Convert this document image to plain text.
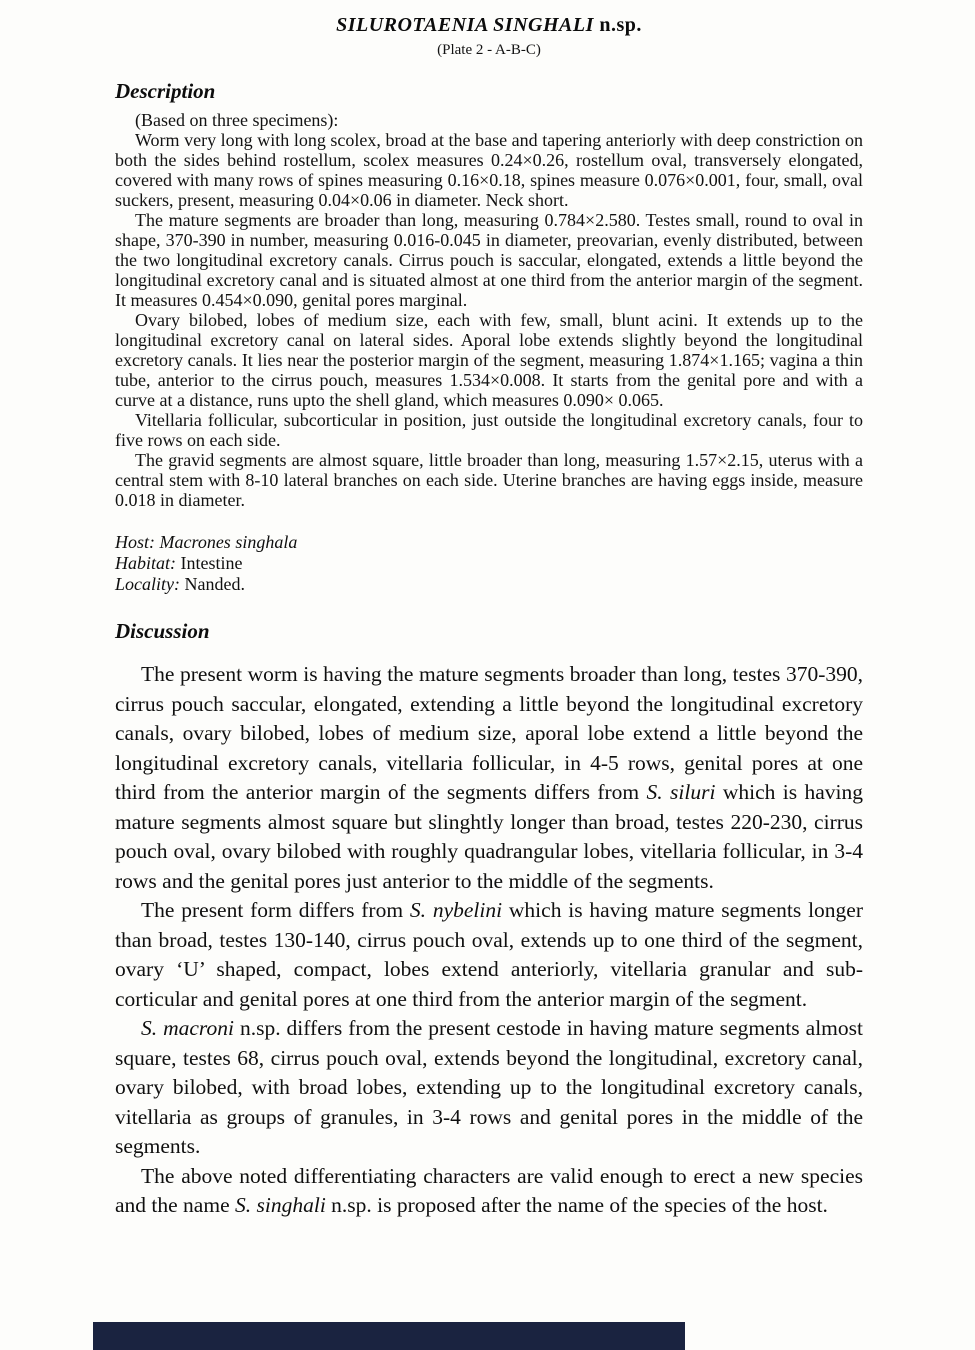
SILUROTAENIA SINGHALI n.sp.
(Plate 2 - A-B-C)
Description

(Based on three specimens):

Worm very long with long scolex, broad at the base and tapering anteriorly with deep constriction on both the sides behind rostellum, scolex measures 0.24×0.26, rostellum oval, transversely elongated, covered with many rows of spines measuring 0.16×0.18, spines measure 0.076×0.001, four, small, oval suckers, present, measuring 0.04×0.06 in diameter. Neck short.

The mature segments are broader than long, measuring 0.784×2.580. Testes small, round to oval in shape, 370-390 in number, measuring 0.016-0.045 in diameter, preovarian, evenly distributed, between the two longitudinal excretory canals. Cirrus pouch is saccular, elongated, extends a little beyond the longitudinal excretory canal and is situated almost at one third from the anterior margin of the segment. It measures 0.454×0.090, genital pores marginal.

Ovary bilobed, lobes of medium size, each with few, small, blunt acini. It extends up to the longitudinal excretory canal on lateral sides. Aporal lobe extends slightly beyond the longitudinal excretory canals. It lies near the posterior margin of the segment, measuring 1.874×1.165; vagina a thin tube, anterior to the cirrus pouch, measures 1.534×0.008. It starts from the genital pore and with a curve at a distance, runs upto the shell gland, which measures 0.090× 0.065.

Vitellaria follicular, subcorticular in position, just outside the longitudinal excretory canals, four to five rows on each side.

The gravid segments are almost square, little broader than long, measuring 1.57×2.15, uterus with a central stem with 8-10 lateral branches on each side. Uterine branches are having eggs inside, measure 0.018 in diameter.

Host: Macrones singhala
Habitat: Intestine
Locality: Nanded.
Discussion

The present worm is having the mature segments broader than long, testes 370-390, cirrus pouch saccular, elongated, extending a little beyond the longitudinal excretory canals, ovary bilobed, lobes of medium size, aporal lobe extend a little beyond the longitudinal excretory canals, vitellaria follicular, in 4-5 rows, genital pores at one third from the anterior margin of the segments differs from S. siluri which is having mature segments almost square but slinghtly longer than broad, testes 220-230, cirrus pouch oval, ovary bilobed with roughly quadrangular lobes, vitellaria follicular, in 3-4 rows and the genital pores just anterior to the middle of the segments.

The present form differs from S. nybelini which is having mature segments longer than broad, testes 130-140, cirrus pouch oval, extends up to one third of the segment, ovary ‘U’ shaped, compact, lobes extend anteriorly, vitellaria granular and sub-corticular and genital pores at one third from the anterior margin of the segment.

S. macroni n.sp. differs from the present cestode in having mature segments almost square, testes 68, cirrus pouch oval, extends beyond the longitudinal, excretory canal, ovary bilobed, with broad lobes, extending up to the longitudinal excretory canals, vitellaria as groups of granules, in 3-4 rows and genital pores in the middle of the segments.

The above noted differentiating characters are valid enough to erect a new species and the name S. singhali n.sp. is proposed after the name of the species of the host.
